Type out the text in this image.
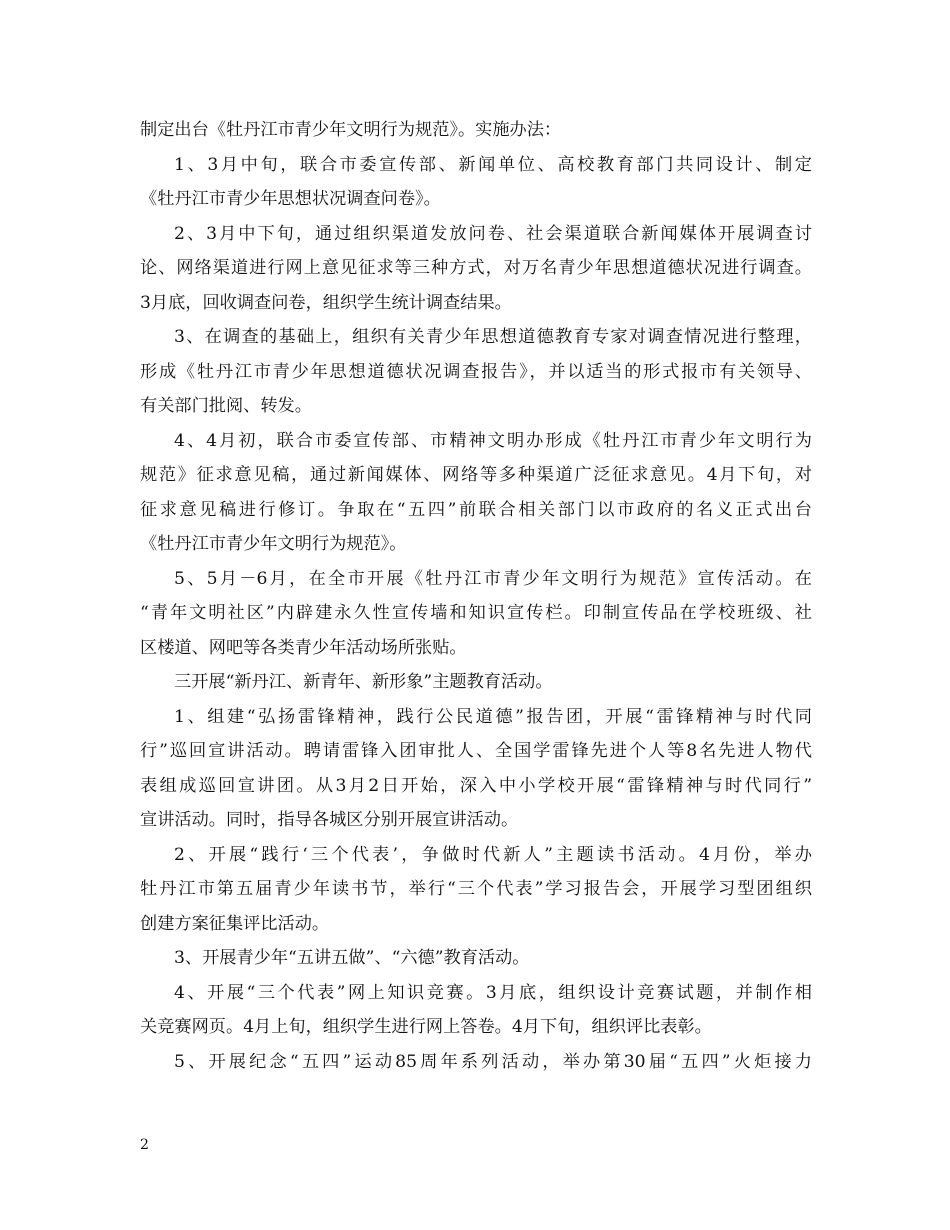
制定出台《牡丹江市青少年文明行为规范》。实施办法：
1、3月中旬，联合市委宣传部、新闻单位、高校教育部门共同设计、制定
《牡丹江市青少年思想状况调查问卷》。
2、3月中下旬，通过组织渠道发放问卷、社会渠道联合新闻媒体开展调查讨
论、网络渠道进行网上意见征求等三种方式，对万名青少年思想道德状况进行调查。
3月底，回收调查问卷，组织学生统计调查结果。
3、在调查的基础上，组织有关青少年思想道德教育专家对调查情况进行整理，
形成《牡丹江市青少年思想道德状况调查报告》，并以适当的形式报市有关领导、
有关部门批阅、转发。
4、4月初，联合市委宣传部、市精神文明办形成《牡丹江市青少年文明行为
规范》征求意见稿，通过新闻媒体、网络等多种渠道广泛征求意见。4月下旬，对
征求意见稿进行修订。争取在“五四”前联合相关部门以市政府的名义正式出台
《牡丹江市青少年文明行为规范》。
5、5月－6月，在全市开展《牡丹江市青少年文明行为规范》宣传活动。在
“青年文明社区”内辟建永久性宣传墙和知识宣传栏。印制宣传品在学校班级、社
区楼道、网吧等各类青少年活动场所张贴。
三开展“新丹江、新青年、新形象”主题教育活动。
1、组建“弘扬雷锋精神，践行公民道德”报告团，开展“雷锋精神与时代同
行”巡回宣讲活动。聘请雷锋入团审批人、全国学雷锋先进个人等8名先进人物代
表组成巡回宣讲团。从3月2日开始，深入中小学校开展“雷锋精神与时代同行”
宣讲活动。同时，指导各城区分别开展宣讲活动。
2、开展“践行‘三个代表’，争做时代新人”主题读书活动。4月份，举办
牡丹江市第五届青少年读书节，举行“三个代表”学习报告会，开展学习型团组织
创建方案征集评比活动。
3、开展青少年“五讲五做”、“六德”教育活动。
4、开展“三个代表”网上知识竞赛。3月底，组织设计竞赛试题，并制作相
关竞赛网页。4月上旬，组织学生进行网上答卷。4月下旬，组织评比表彰。
5、开展纪念“五四”运动85周年系列活动，举办第30届“五四”火炬接力
2
